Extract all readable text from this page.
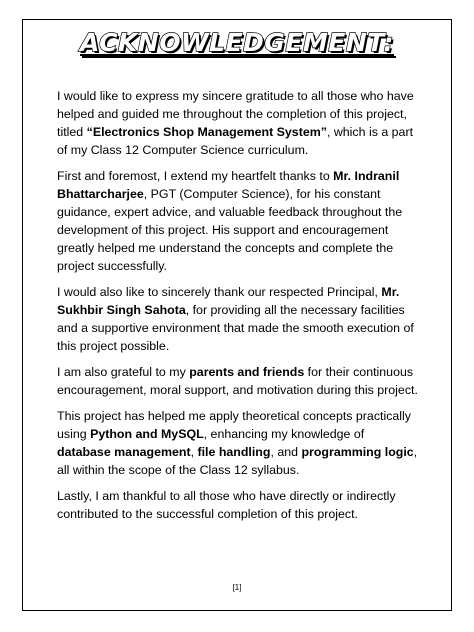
ACKNOWLEDGEMENT:

I would like to express my sincere gratitude to all those who have helped and guided me throughout the completion of this project, titled “Electronics Shop Management System”, which is a part of my Class 12 Computer Science curriculum.

First and foremost, I extend my heartfelt thanks to Mr. Indranil Bhattarcharjee, PGT (Computer Science), for his constant guidance, expert advice, and valuable feedback throughout the development of this project. His support and encouragement greatly helped me understand the concepts and complete the project successfully.

I would also like to sincerely thank our respected Principal, Mr. Sukhbir Singh Sahota, for providing all the necessary facilities and a supportive environment that made the smooth execution of this project possible.

I am also grateful to my parents and friends for their continuous encouragement, moral support, and motivation during this project.

This project has helped me apply theoretical concepts practically using Python and MySQL, enhancing my knowledge of database management, file handling, and programming logic, all within the scope of the Class 12 syllabus.

Lastly, I am thankful to all those who have directly or indirectly contributed to the successful completion of this project.

[1]
